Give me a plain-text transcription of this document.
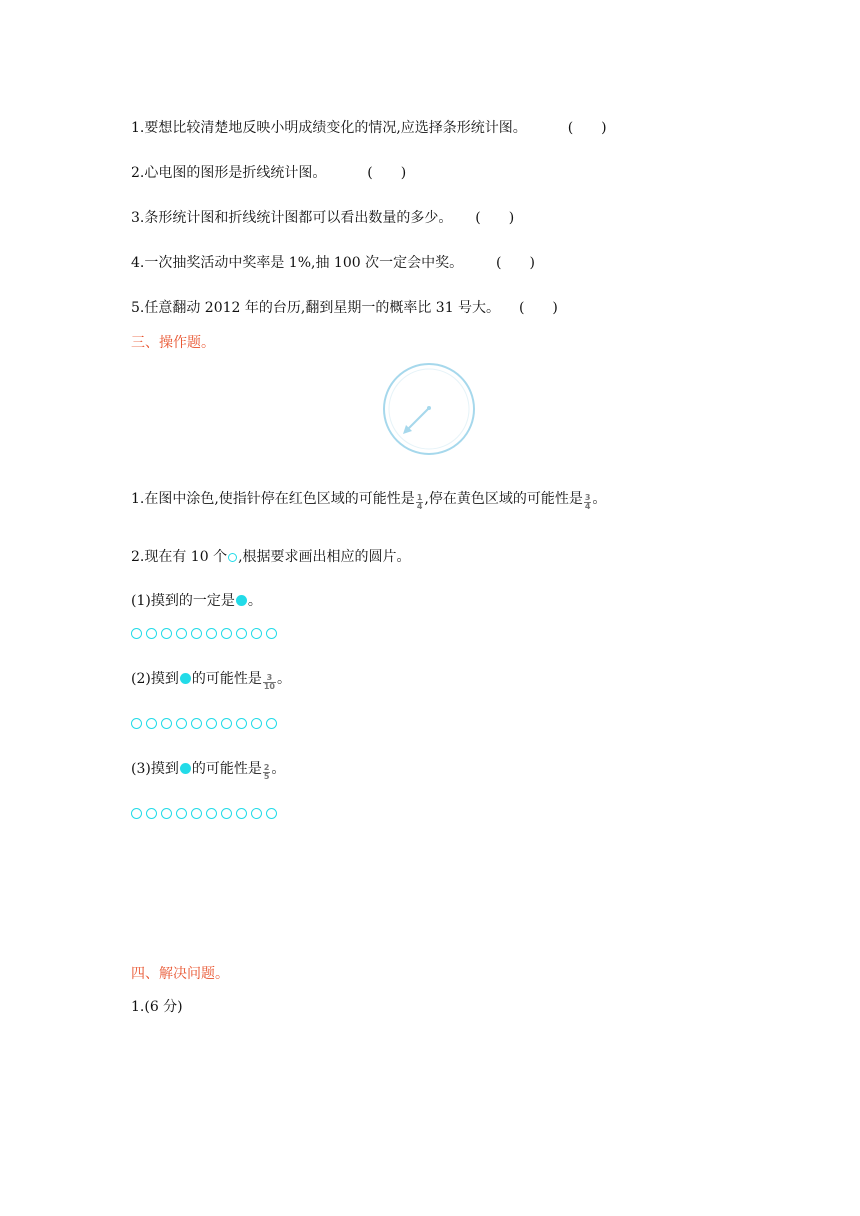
1.要想比较清楚地反映小明成绩变化的情况,应选择条形统计图。	(　　)
2.心电图的图形是折线统计图。	(　　)
3.条形统计图和折线统计图都可以看出数量的多少。 (　　)
4.一次抽奖活动中奖率是 1%,抽 100 次一定会中奖。 (　　)
5.任意翻动 2012 年的台历,翻到星期一的概率比 31 号大。 (　　)
三、操作题。
1.在图中涂色,使指针停在红色区域的可能性是 $\frac{1}{4}$ ,停在黄色区域的可能性是 $\frac{3}{4}$ 。
2.现在有 10 个 ,根据要求画出相应的圆片。
(1)摸到的一定是 。
(2)摸到 的可能性是 $\frac{3}{10}$ 。
(3)摸到 的可能性是 $\frac{2}{5}$ 。
四、解决问题。
1.(6 分)
